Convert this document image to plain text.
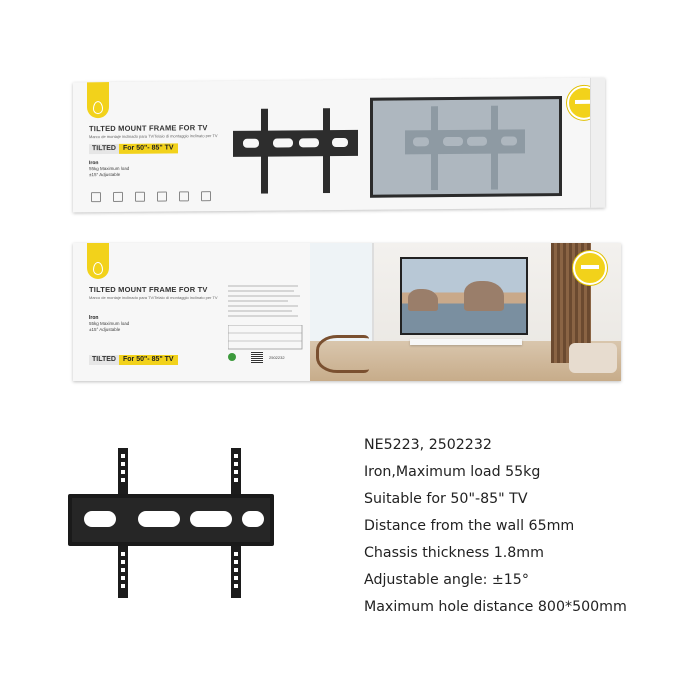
TILTED MOUNT FRAME FOR TV
Marco de montaje inclinado para TV/Telaio di montaggio inclinato per TV
TILTED	For 50"- 85" TV
Iron
55kg Maximum load
±15° Adjustable
TILTED MOUNT FRAME FOR TV
Marco de montaje inclinado para TV/Telaio di montaggio inclinato per TV
Iron
55kg Maximum load
±15° Adjustable
TILTED	For 50"- 85" TV	2502232
NE5223, 2502232
Iron,Maximum load 55kg
Suitable for 50"-85" TV
Distance from the wall 65mm
Chassis thickness 1.8mm
Adjustable angle: ±15°
Maximum hole distance 800*500mm
